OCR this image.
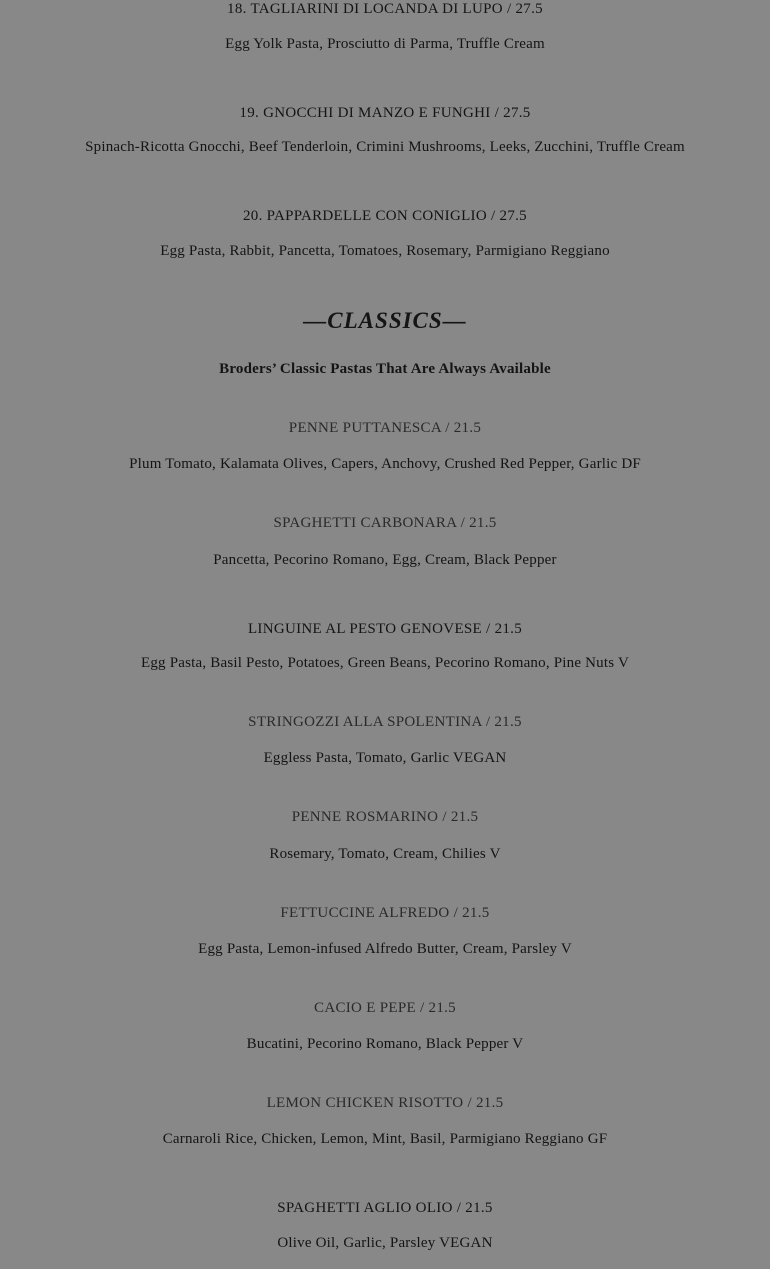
18. TAGLIARINI DI LOCANDA DI LUPO / 27.5
Egg Yolk Pasta, Prosciutto di Parma, Truffle Cream
19. GNOCCHI DI MANZO E FUNGHI / 27.5
Spinach-Ricotta Gnocchi, Beef Tenderloin, Crimini Mushrooms, Leeks, Zucchini, Truffle Cream
20. PAPPARDELLE CON CONIGLIO / 27.5
Egg Pasta, Rabbit, Pancetta, Tomatoes, Rosemary, Parmigiano Reggiano
—CLASSICS—
Broders’ Classic Pastas That Are Always Available
PENNE PUTTANESCA / 21.5
Plum Tomato, Kalamata Olives, Capers, Anchovy, Crushed Red Pepper, Garlic DF
SPAGHETTI CARBONARA / 21.5
Pancetta, Pecorino Romano, Egg, Cream, Black Pepper
LINGUINE AL PESTO GENOVESE / 21.5
Egg Pasta, Basil Pesto, Potatoes, Green Beans, Pecorino Romano, Pine Nuts V
STRINGOZZI ALLA SPOLENTINA / 21.5
Eggless Pasta, Tomato, Garlic VEGAN
PENNE ROSMARINO / 21.5
Rosemary, Tomato, Cream, Chilies V
FETTUCCINE ALFREDO / 21.5
Egg Pasta, Lemon-infused Alfredo Butter, Cream, Parsley V
CACIO E PEPE / 21.5
Bucatini, Pecorino Romano, Black Pepper V
LEMON CHICKEN RISOTTO / 21.5
Carnaroli Rice, Chicken, Lemon, Mint, Basil, Parmigiano Reggiano GF
SPAGHETTI AGLIO OLIO / 21.5
Olive Oil, Garlic, Parsley VEGAN
